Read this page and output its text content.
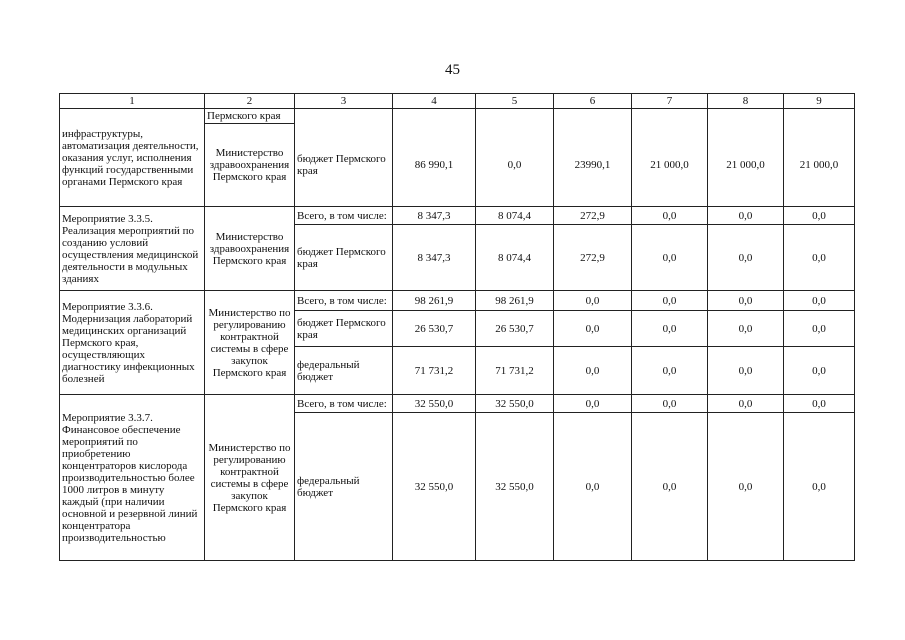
45
1	2	3	4	5	6	7	8	9
инфраструктуры, автоматизация деятельности, оказания услуг, исполнения функций государственными органами Пермского края	Пермского края							
	Министерство здравоохранения Пермского края	бюджет Пермского края	86 990,1	0,0	23990,1	21 000,0	21 000,0	21 000,0
Мероприятие 3.3.5. Реализация мероприятий по созданию условий осуществления медицинской деятельности в модульных зданиях	Министерство здравоохранения Пермского края	Всего, в том числе:	8 347,3	8 074,4	272,9	0,0	0,0	0,0
		бюджет Пермского края	8 347,3	8 074,4	272,9	0,0	0,0	0,0
Мероприятие 3.3.6. Модернизация лабораторий медицинских организаций Пермского края, осуществляющих диагностику инфекционных болезней	Министерство по регулированию контрактной системы в сфере закупок Пермского края	Всего, в том числе:	98 261,9	98 261,9	0,0	0,0	0,0	0,0
		бюджет Пермского края	26 530,7	26 530,7	0,0	0,0	0,0	0,0
		федеральный бюджет	71 731,2	71 731,2	0,0	0,0	0,0	0,0
Мероприятие 3.3.7. Финансовое обеспечение мероприятий по приобретению концентраторов кислорода производительностью более 1000 литров в минуту каждый (при наличии основной и резервной линий концентратора производительностью	Министерство по регулированию контрактной системы в сфере закупок Пермского края	Всего, в том числе:	32 550,0	32 550,0	0,0	0,0	0,0	0,0
		федеральный бюджет	32 550,0	32 550,0	0,0	0,0	0,0	0,0
